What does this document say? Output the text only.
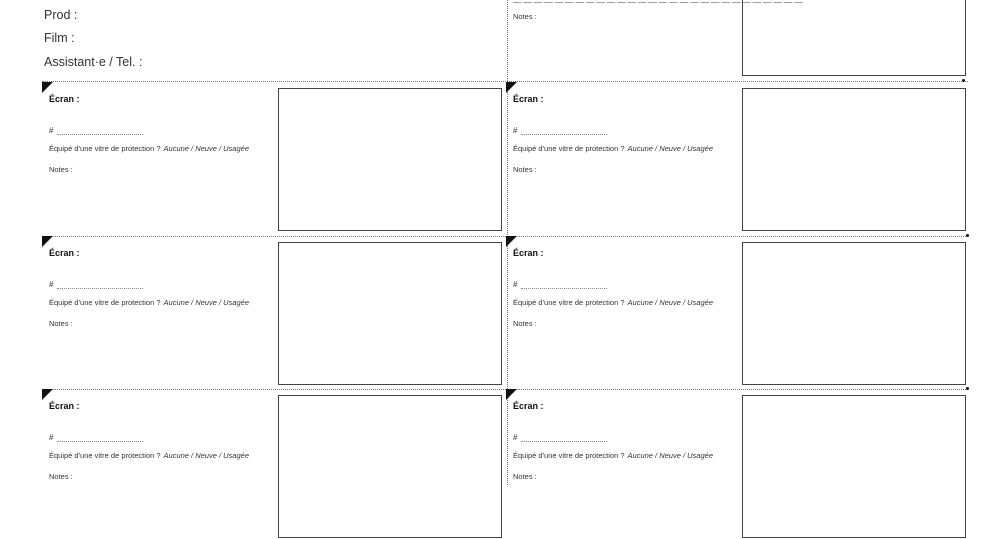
Prod :
Film :
Assistant·e / Tel. :
Notes :
Écran :
#
Équipé d'une vitre de protection ? Aucune / Neuve / Usagée
Notes :
Écran :
#
Équipé d'une vitre de protection ? Aucune / Neuve / Usagée
Notes :
Écran :
#
Équipé d'une vitre de protection ? Aucune / Neuve / Usagée
Notes :
Écran :
#
Équipé d'une vitre de protection ? Aucune / Neuve / Usagée
Notes :
Écran :
#
Équipé d'une vitre de protection ? Aucune / Neuve / Usagée
Notes :
Écran :
#
Équipé d'une vitre de protection ? Aucune / Neuve / Usagée
Notes :
